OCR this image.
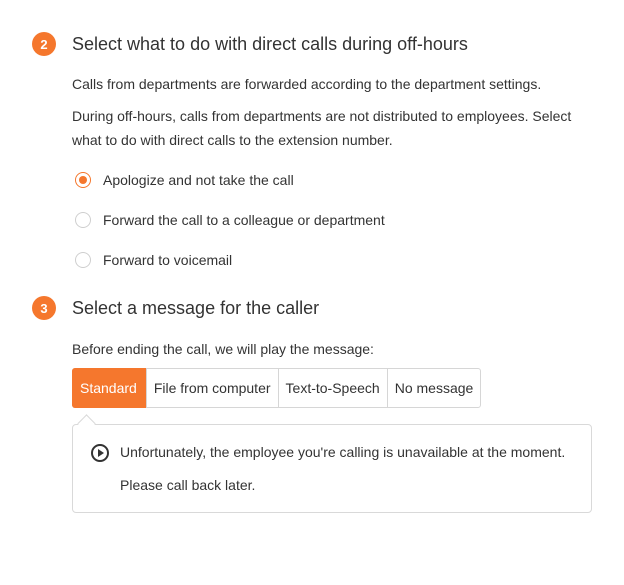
2	Select what to do with direct calls during off-hours
Calls from departments are forwarded according to the department settings.
During off-hours, calls from departments are not distributed to employees. Select what to do with direct calls to the extension number.
Apologize and not take the call
Forward the call to a colleague or department
Forward to voicemail
3	Select a message for the caller
Before ending the call, we will play the message:
Standard	File from computer	Text-to-Speech	No message
Unfortunately, the employee you're calling is unavailable at the moment.
Please call back later.
